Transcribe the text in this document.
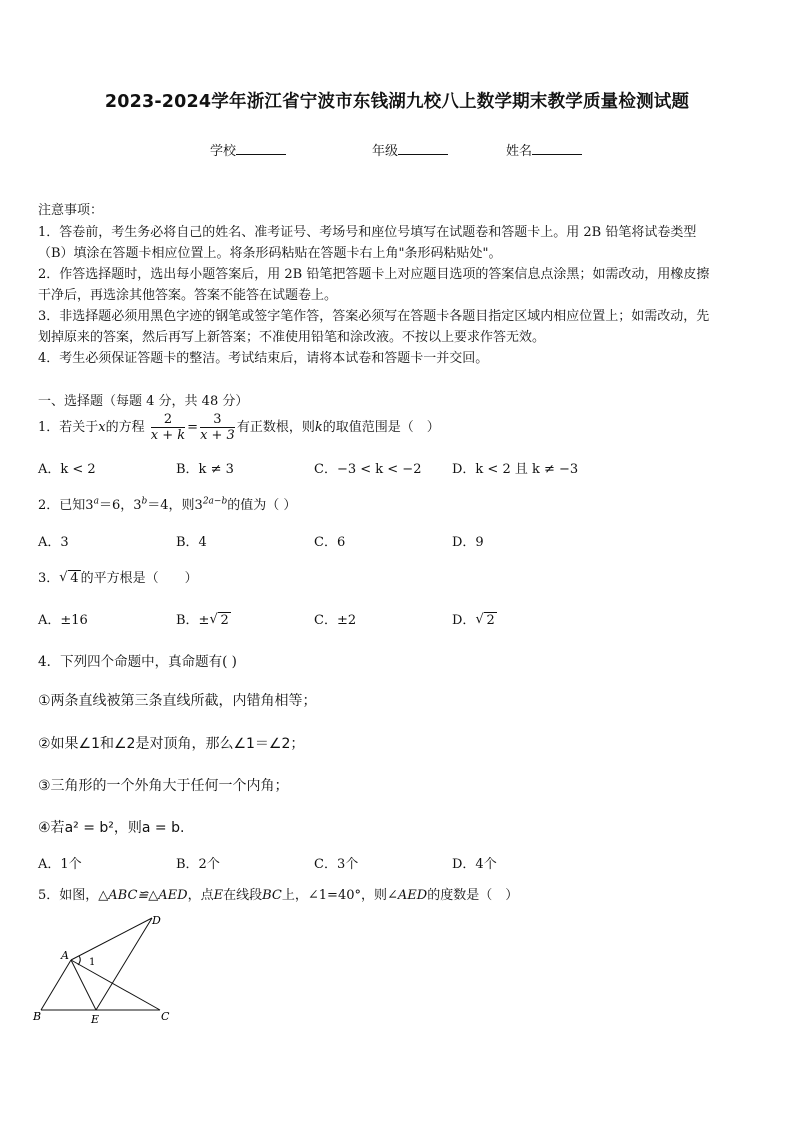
2023-2024学年浙江省宁波市东钱湖九校八上数学期末教学质量检测试题
学校	年级	姓名

注意事项：

1．答卷前，考生务必将自己的姓名、准考证号、考场号和座位号填写在试题卷和答题卡上。用 2B 铅笔将试卷类型

（B）填涂在答题卡相应位置上。将条形码粘贴在答题卡右上角"条形码粘贴处"。

2．作答选择题时，选出每小题答案后，用 2B 铅笔把答题卡上对应题目选项的答案信息点涂黑；如需改动，用橡皮擦

干净后，再选涂其他答案。答案不能答在试题卷上。

3．非选择题必须用黑色字迹的钢笔或签字笔作答，答案必须写在答题卡各题目指定区域内相应位置上；如需改动，先

划掉原来的答案，然后再写上新答案；不准使用铅笔和涂改液。不按以上要求作答无效。

4．考生必须保证答题卡的整洁。考试结束后，请将本试卷和答题卡一并交回。

一、选择题（每题 4 分，共 48 分）
1．若关于x的方程 $\frac{2}{x + k} = \frac{3}{x + 3}$ 有正数根，则k的取值范围是（　）
A．k < 2	B．k ≠ 3	C．−3 < k < −2 D．k < 2 且 k ≠ −3
2．已知$3^a=6$，$3^b=4$，则$3^{2a-b}$的值为（ ）
A．3	B．4	C．6	D．9
3． √ 4 的平方根是（　　）
A．±16	B．± √ 2	C．±2	D． √ 2
4．下列四个命题中，真命题有( )
①两条直线被第三条直线所截，内错角相等；
②如果∠1和∠2是对顶角，那么∠1＝∠2；
③三角形的一个外角大于任何一个内角；
④若a² = b²，则a = b.
A．1个	B．2个	C．3个	D．4个
5．如图，△ABC≌△AED，点E在线段BC上，∠1=40°，则∠AED的度数是（　）
A
B	C
D
E
1
